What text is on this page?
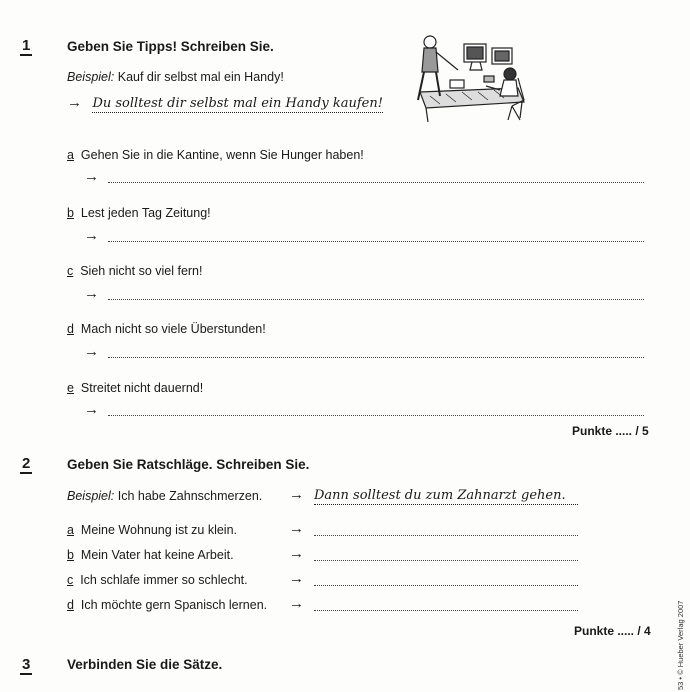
1	Geben Sie Tipps! Schreiben Sie.
Beispiel: Kauf dir selbst mal ein Handy!
→ Du solltest dir selbst mal ein Handy kaufen!
a Gehen Sie in die Kantine, wenn Sie Hunger haben!
→
b Lest jeden Tag Zeitung!
→
c Sieh nicht so viel fern!
→
d Mach nicht so viele Überstunden!
→
e Streitet nicht dauernd!
→
Punkte ..... / 5
2	Geben Sie Ratschläge. Schreiben Sie.
Beispiel: Ich habe Zahnschmerzen. → Dann solltest du zum Zahnarzt gehen.
a Meine Wohnung ist zu klein.	→
b Mein Vater hat keine Arbeit.	→
c Ich schlafe immer so schlecht.	→
d Ich möchte gern Spanisch lernen. →
Punkte ..... / 4
3	Verbinden Sie die Sätze.	53 • © Hueber Verlag 2007
